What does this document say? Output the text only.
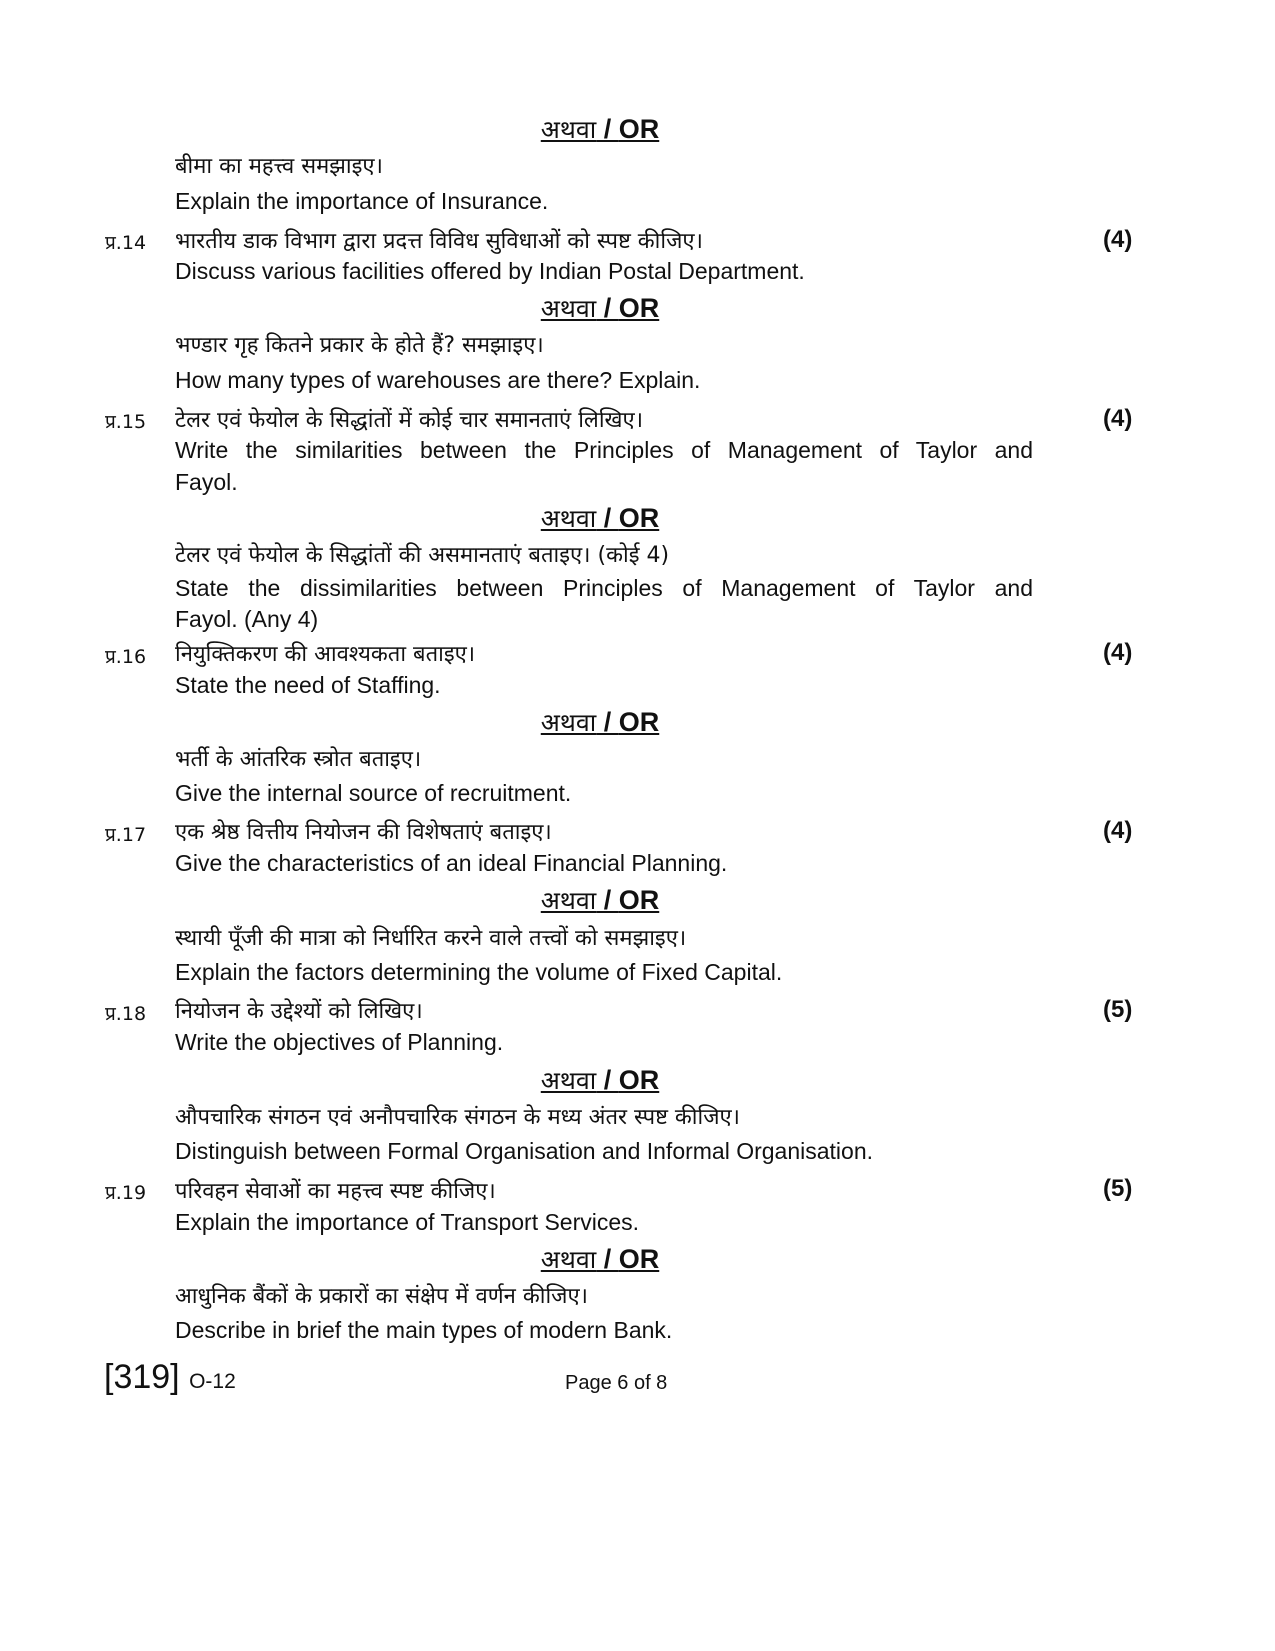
अथवा / OR
बीमा का महत्त्व समझाइए।
Explain the importance of Insurance.
प्र.14 भारतीय डाक विभाग द्वारा प्रदत्त विविध सुविधाओं को स्पष्ट कीजिए।	(4)
Discuss various facilities offered by Indian Postal Department.
अथवा / OR
भण्डार गृह कितने प्रकार के होते हैं? समझाइए।
How many types of warehouses are there? Explain.
प्र.15 टेलर एवं फेयोल के सिद्धांतों में कोई चार समानताएं लिखिए।	(4)
Write the similarities between the Principles of Management of Taylor and
Fayol.
अथवा / OR
टेलर एवं फेयोल के सिद्धांतों की असमानताएं बताइए। (कोई 4)
State the dissimilarities between Principles of Management of Taylor and
Fayol. (Any 4)
प्र.16 नियुक्तिकरण की आवश्यकता बताइए।	(4)
State the need of Staffing.
अथवा / OR
भर्ती के आंतरिक स्त्रोत बताइए।
Give the internal source of recruitment.
प्र.17 एक श्रेष्ठ वित्तीय नियोजन की विशेषताएं बताइए।	(4)
Give the characteristics of an ideal Financial Planning.
अथवा / OR
स्थायी पूँजी की मात्रा को निर्धारित करने वाले तत्त्वों को समझाइए।
Explain the factors determining the volume of Fixed Capital.
प्र.18 नियोजन के उद्देश्यों को लिखिए।	(5)
Write the objectives of Planning.
अथवा / OR
औपचारिक संगठन एवं अनौपचारिक संगठन के मध्य अंतर स्पष्ट कीजिए।
Distinguish between Formal Organisation and Informal Organisation.
प्र.19 परिवहन सेवाओं का महत्त्व स्पष्ट कीजिए।	(5)
Explain the importance of Transport Services.
अथवा / OR
आधुनिक बैंकों के प्रकारों का संक्षेप में वर्णन कीजिए।
Describe in brief the main types of modern Bank.
[319] O-12	Page 6 of 8
